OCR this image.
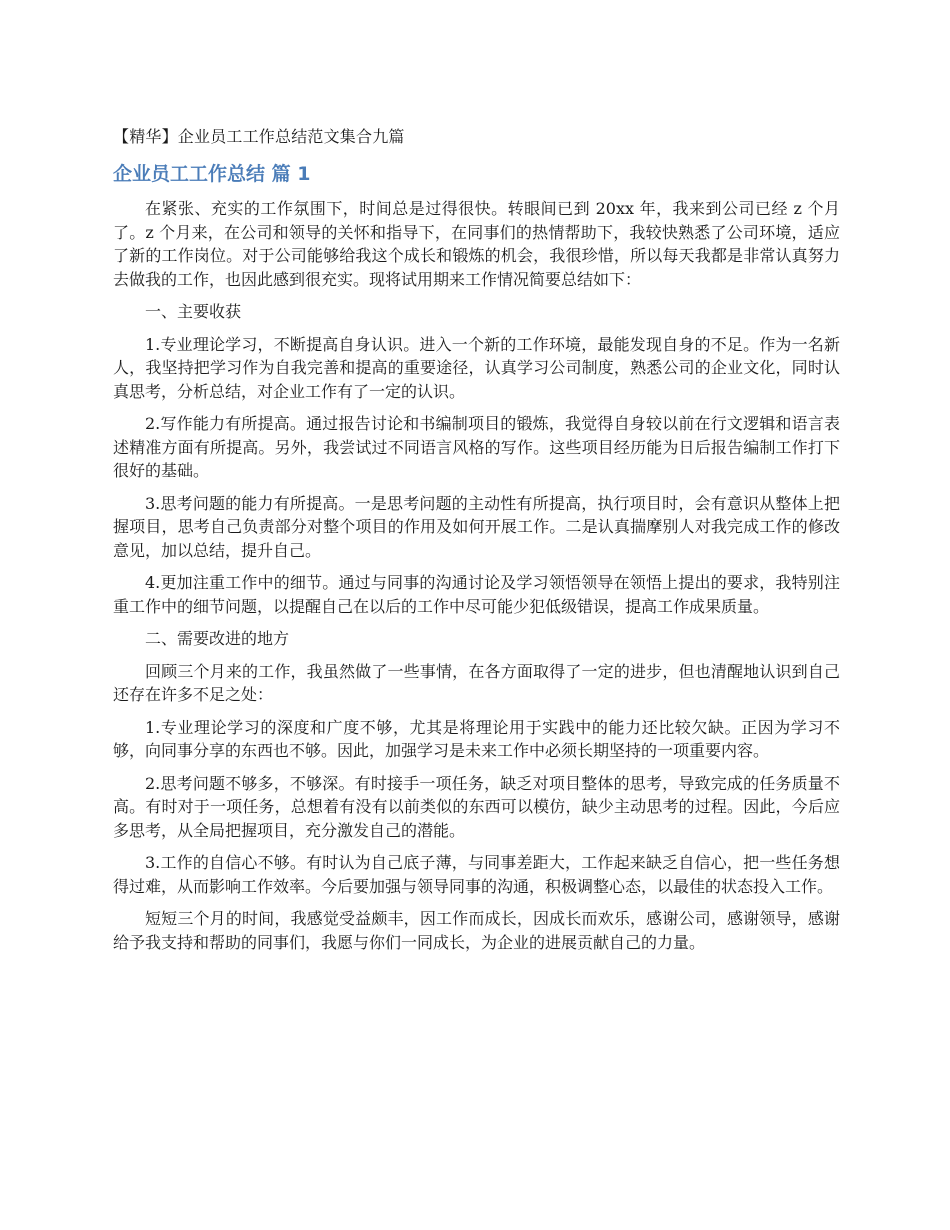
【精华】企业员工工作总结范文集合九篇
企业员工工作总结 篇 1

在紧张、充实的工作氛围下，时间总是过得很快。转眼间已到 20xx 年，我来到公司已经 z 个月了。z 个月来，在公司和领导的关怀和指导下，在同事们的热情帮助下，我较快熟悉了公司环境，适应了新的工作岗位。对于公司能够给我这个成长和锻炼的机会，我很珍惜，所以每天我都是非常认真努力去做我的工作，也因此感到很充实。现将试用期来工作情况简要总结如下：

一、主要收获

1.专业理论学习，不断提高自身认识。进入一个新的工作环境，最能发现自身的不足。作为一名新人，我坚持把学习作为自我完善和提高的重要途径，认真学习公司制度，熟悉公司的企业文化，同时认真思考，分析总结，对企业工作有了一定的认识。

2.写作能力有所提高。通过报告讨论和书编制项目的锻炼，我觉得自身较以前在行文逻辑和语言表述精准方面有所提高。另外，我尝试过不同语言风格的写作。这些项目经历能为日后报告编制工作打下很好的基础。

3.思考问题的能力有所提高。一是思考问题的主动性有所提高，执行项目时，会有意识从整体上把握项目，思考自己负责部分对整个项目的作用及如何开展工作。二是认真揣摩别人对我完成工作的修改意见，加以总结，提升自己。

4.更加注重工作中的细节。通过与同事的沟通讨论及学习领悟领导在领悟上提出的要求，我特别注重工作中的细节问题，以提醒自己在以后的工作中尽可能少犯低级错误，提高工作成果质量。

二、需要改进的地方

回顾三个月来的工作，我虽然做了一些事情，在各方面取得了一定的进步，但也清醒地认识到自己还存在许多不足之处：

1.专业理论学习的深度和广度不够，尤其是将理论用于实践中的能力还比较欠缺。正因为学习不够，向同事分享的东西也不够。因此，加强学习是未来工作中必须长期坚持的一项重要内容。

2.思考问题不够多，不够深。有时接手一项任务，缺乏对项目整体的思考，导致完成的任务质量不高。有时对于一项任务，总想着有没有以前类似的东西可以模仿，缺少主动思考的过程。因此，今后应多思考，从全局把握项目，充分激发自己的潜能。

3.工作的自信心不够。有时认为自己底子薄，与同事差距大，工作起来缺乏自信心，把一些任务想得过难，从而影响工作效率。今后要加强与领导同事的沟通，积极调整心态，以最佳的状态投入工作。

短短三个月的时间，我感觉受益颇丰，因工作而成长，因成长而欢乐，感谢公司，感谢领导，感谢给予我支持和帮助的同事们，我愿与你们一同成长，为企业的进展贡献自己的力量。
